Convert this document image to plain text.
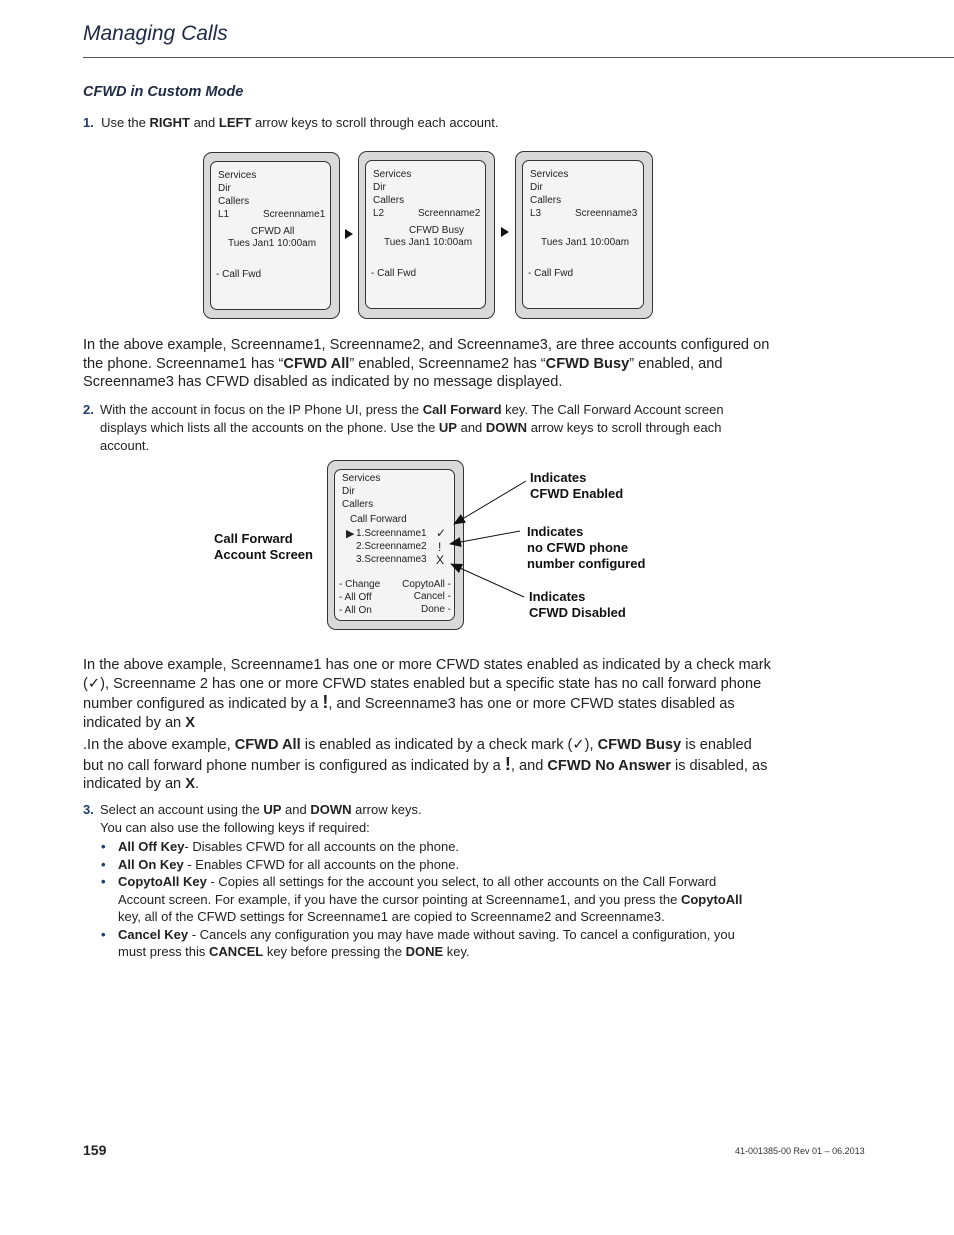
Managing Calls
CFWD in Custom Mode
1. Use the RIGHT and LEFT arrow keys to scroll through each account.
Services
Dir
Callers
L1	Screenname1
CFWD All
Tues Jan1 10:00am
- Call Fwd
Services
Dir
Callers
L2	Screenname2
CFWD Busy
Tues Jan1 10:00am
- Call Fwd
Services
Dir
Callers
L3	Screenname3
Tues Jan1 10:00am
- Call Fwd
In the above example, Screenname1, Screenname2, and Screenname3, are three accounts configured on the phone. Screenname1 has “CFWD All” enabled, Screenname2 has “CFWD Busy” enabled, and Screenname3 has CFWD disabled as indicated by no message displayed.
2. With the account in focus on the IP Phone UI, press the Call Forward key. The Call Forward Account screen displays which lists all the accounts on the phone. Use the UP and DOWN arrow keys to scroll through each account.
Services
Dir
Callers
Call Forward
▶ 1.Screenname1 ✓
2.Screenname2 !
3.Screenname3 X
- Change
- All Off
- All On
CopytoAll -
Cancel -
Done -
Call Forward
Account Screen
Indicates
CFWD Enabled
Indicates
no CFWD phone
number configured
Indicates
CFWD Disabled
In the above example, Screenname1 has one or more CFWD states enabled as indicated by a check mark (✓), Screenname 2 has one or more CFWD states enabled but a specific state has no call forward phone number configured as indicated by a !, and Screenname3 has one or more CFWD states disabled as indicated by an X
.In the above example, CFWD All is enabled as indicated by a check mark (✓), CFWD Busy is enabled but no call forward phone number is configured as indicated by a !, and CFWD No Answer is disabled, as indicated by an X.
3. Select an account using the UP and DOWN arrow keys.
You can also use the following keys if required:
• All Off Key- Disables CFWD for all accounts on the phone.
• All On Key - Enables CFWD for all accounts on the phone.
• CopytoAll Key - Copies all settings for the account you select, to all other accounts on the Call Forward Account screen. For example, if you have the cursor pointing at Screenname1, and you press the CopytoAll key, all of the CFWD settings for Screenname1 are copied to Screenname2 and Screenname3.
• Cancel Key - Cancels any configuration you may have made without saving. To cancel a configuration, you must press this CANCEL key before pressing the DONE key.
159	41-001385-00 Rev 01 – 06.2013
